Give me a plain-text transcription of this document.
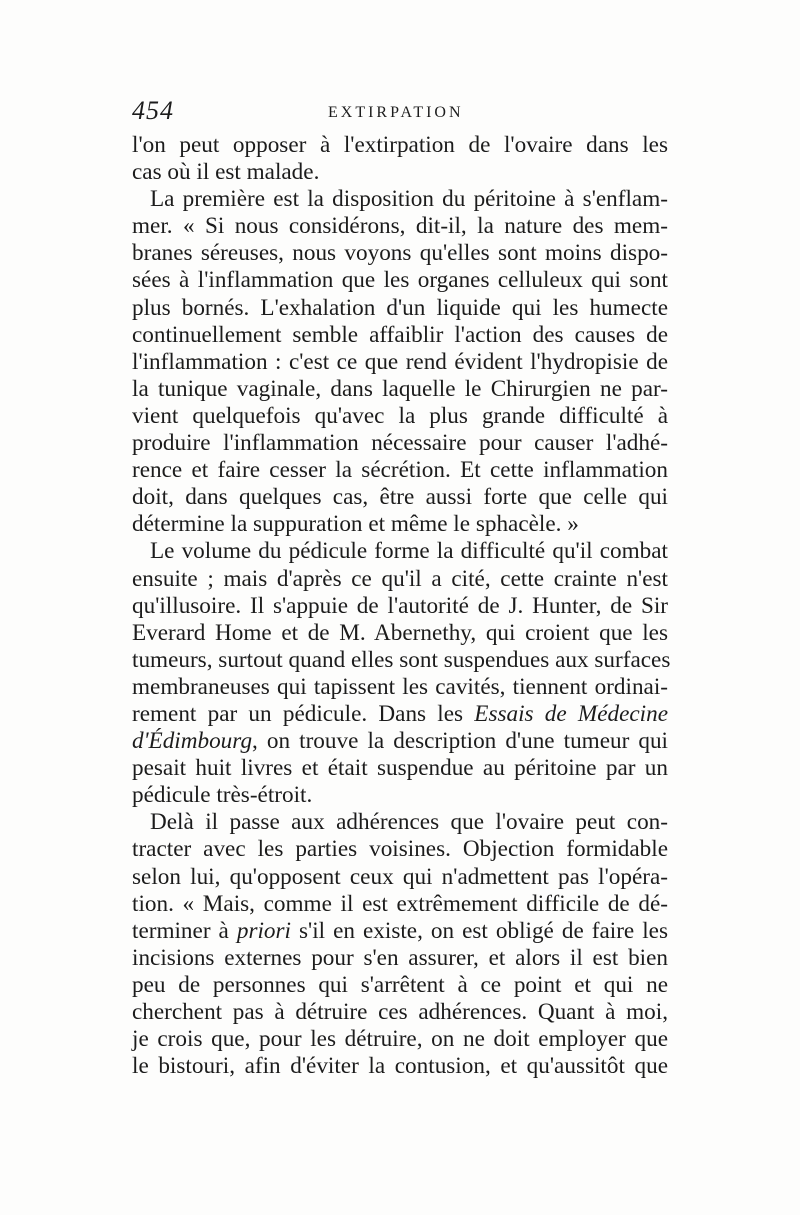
454	EXTIRPATION
l'on peut opposer à l'extirpation de l'ovaire dans les
cas où il est malade.
La première est la disposition du péritoine à s'enflam-
mer. « Si nous considérons, dit-il, la nature des mem-
branes séreuses, nous voyons qu'elles sont moins dispo-
sées à l'inflammation que les organes celluleux qui sont
plus bornés. L'exhalation d'un liquide qui les humecte
continuellement semble affaiblir l'action des causes de
l'inflammation : c'est ce que rend évident l'hydropisie de
la tunique vaginale, dans laquelle le Chirurgien ne par-
vient quelquefois qu'avec la plus grande difficulté à
produire l'inflammation nécessaire pour causer l'adhé-
rence et faire cesser la sécrétion. Et cette inflammation
doit, dans quelques cas, être aussi forte que celle qui
détermine la suppuration et même le sphacèle. »
Le volume du pédicule forme la difficulté qu'il combat
ensuite ; mais d'après ce qu'il a cité, cette crainte n'est
qu'illusoire. Il s'appuie de l'autorité de J. Hunter, de Sir
Everard Home et de M. Abernethy, qui croient que les
tumeurs, surtout quand elles sont suspendues aux surfaces
membraneuses qui tapissent les cavités, tiennent ordinai-
rement par un pédicule. Dans les Essais de Médecine
d'Édimbourg, on trouve la description d'une tumeur qui
pesait huit livres et était suspendue au péritoine par un
pédicule très-étroit.
Delà il passe aux adhérences que l'ovaire peut con-
tracter avec les parties voisines. Objection formidable
selon lui, qu'opposent ceux qui n'admettent pas l'opéra-
tion. « Mais, comme il est extrêmement difficile de dé-
terminer à priori s'il en existe, on est obligé de faire les
incisions externes pour s'en assurer, et alors il est bien
peu de personnes qui s'arrêtent à ce point et qui ne
cherchent pas à détruire ces adhérences. Quant à moi,
je crois que, pour les détruire, on ne doit employer que
le bistouri, afin d'éviter la contusion, et qu'aussitôt que
